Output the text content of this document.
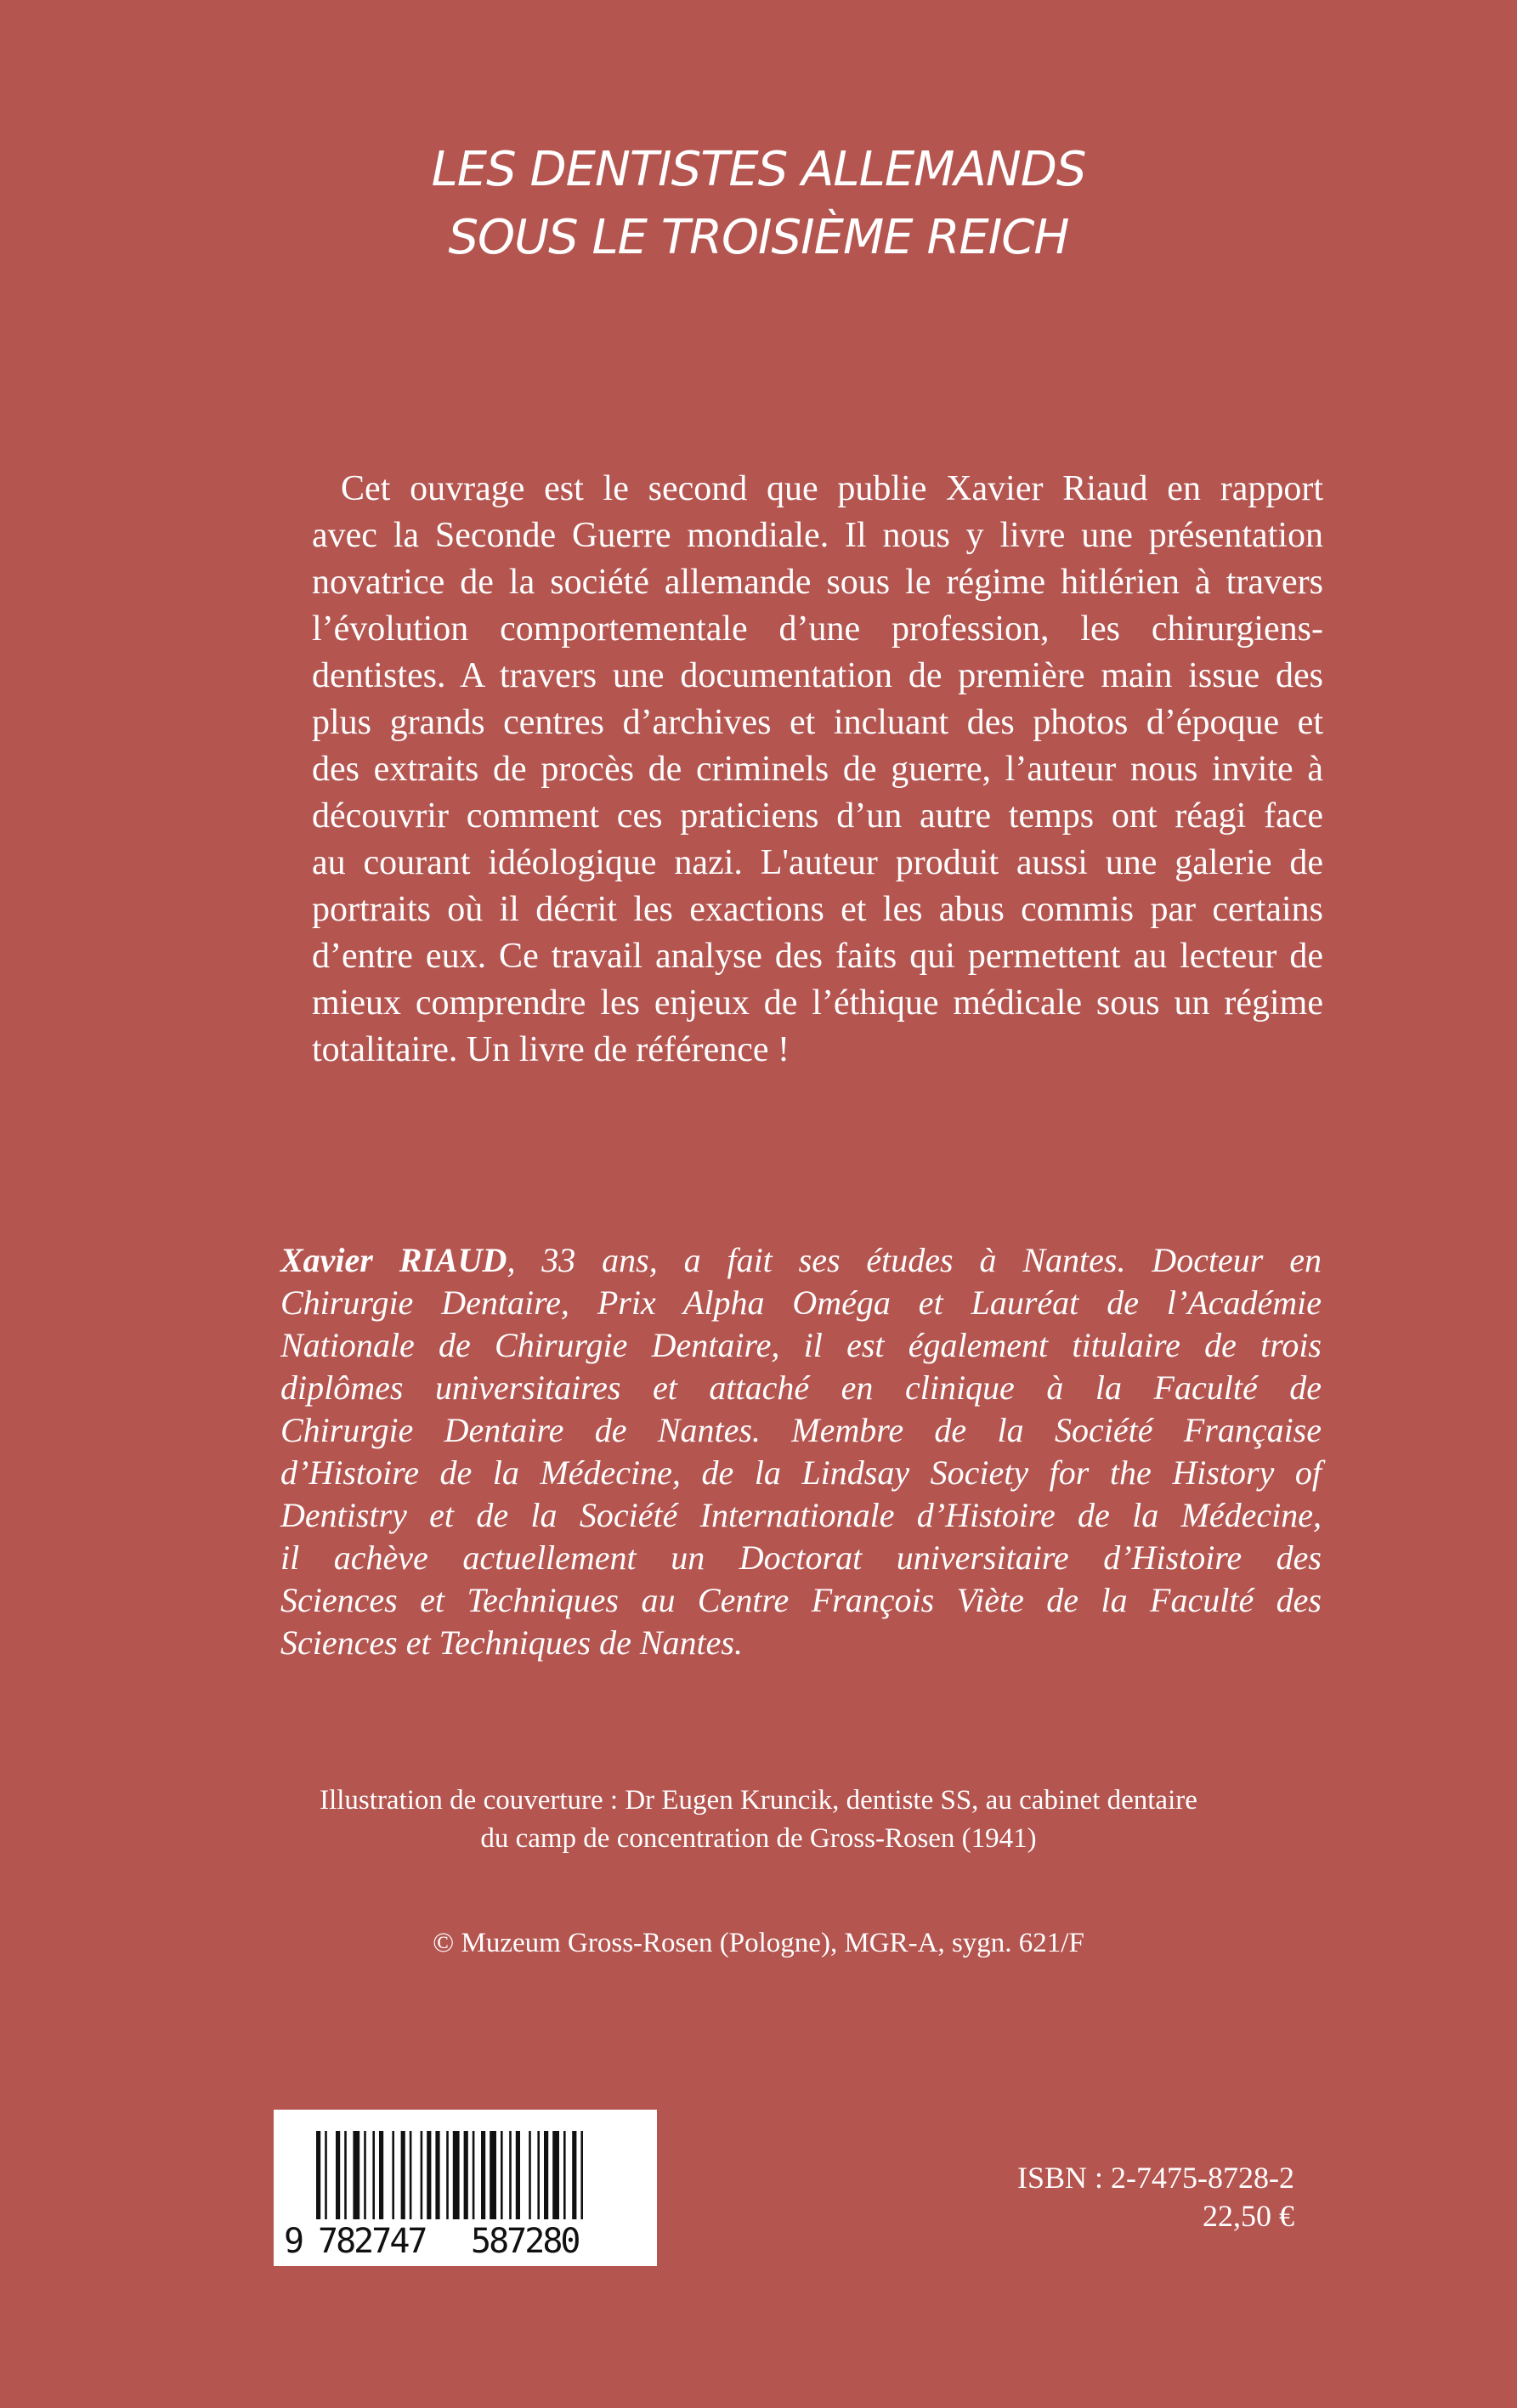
LES DENTISTES ALLEMANDS
SOUS LE TROISIÈME REICH
Cet ouvrage est le second que publie Xavier Riaud en rapport
avec la Seconde Guerre mondiale. Il nous y livre une présentation
novatrice de la société allemande sous le régime hitlérien à travers
l’évolution comportementale d’une profession, les chirurgiens-
dentistes. A travers une documentation de première main issue des
plus grands centres d’archives et incluant des photos d’époque et
des extraits de procès de criminels de guerre, l’auteur nous invite à
découvrir comment ces praticiens d’un autre temps ont réagi face
au courant idéologique nazi. L'auteur produit aussi une galerie de
portraits où il décrit les exactions et les abus commis par certains
d’entre eux. Ce travail analyse des faits qui permettent au lecteur de
mieux comprendre les enjeux de l’éthique médicale sous un régime
totalitaire. Un livre de référence !
Xavier RIAUD, 33 ans, a fait ses études à Nantes. Docteur en
Chirurgie Dentaire, Prix Alpha Oméga et Lauréat de l’Académie
Nationale de Chirurgie Dentaire, il est également titulaire de trois
diplômes universitaires et attaché en clinique à la Faculté de
Chirurgie Dentaire de Nantes. Membre de la Société Française
d’Histoire de la Médecine, de la Lindsay Society for the History of
Dentistry et de la Société Internationale d’Histoire de la Médecine,
il achève actuellement un Doctorat universitaire d’Histoire des
Sciences et Techniques au Centre François Viète de la Faculté des
Sciences et Techniques de Nantes.
Illustration de couverture : Dr Eugen Kruncik, dentiste SS, au cabinet dentaire
du camp de concentration de Gross-Rosen (1941)
© Muzeum Gross-Rosen (Pologne), MGR-A, sygn. 621/F
9 782747 587280
ISBN : 2-7475-8728-2
22,50 €
